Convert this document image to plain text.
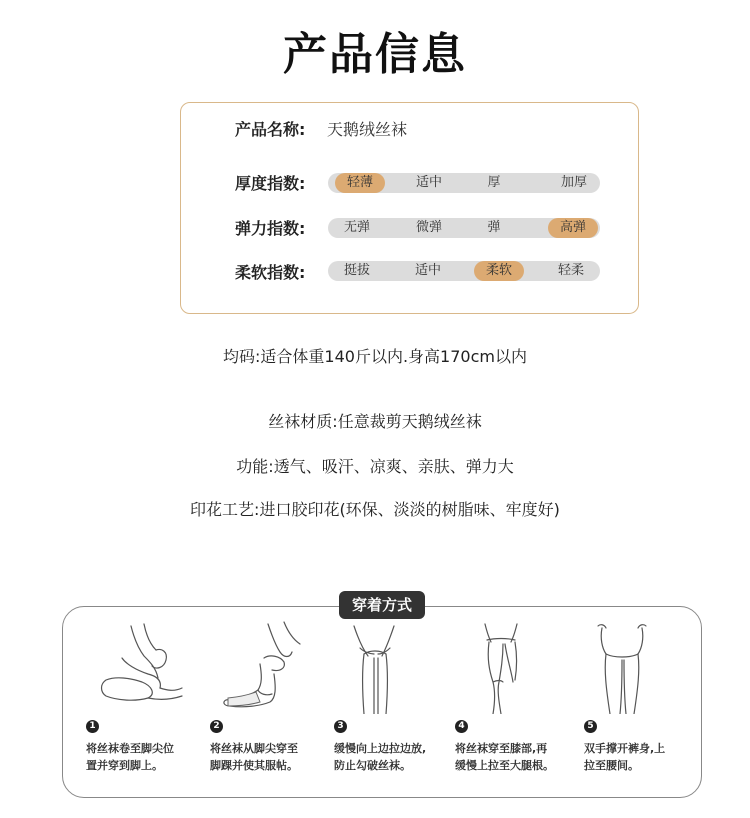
产品信息
产品名称: 天鹅绒丝袜
厚度指数:	轻薄	适中	厚	加厚
弹力指数:	无弹	微弹	弹	高弹
柔软指数:	挺拔	适中	柔软	轻柔
均码:适合体重140斤以内.身高170cm以内
丝袜材质:任意裁剪天鹅绒丝袜
功能:透气、吸汗、凉爽、亲肤、弹力大
印花工艺:进口胶印花(环保、淡淡的树脂味、牢度好)
穿着方式
1
将丝袜卷至脚尖位
置并穿到脚上。
2
将丝袜从脚尖穿至
脚踝并使其服帖。
3
缓慢向上边拉边放,
防止勾破丝袜。
4
将丝袜穿至膝部,再
缓慢上拉至大腿根。
5
双手撑开裤身,上
拉至腰间。
